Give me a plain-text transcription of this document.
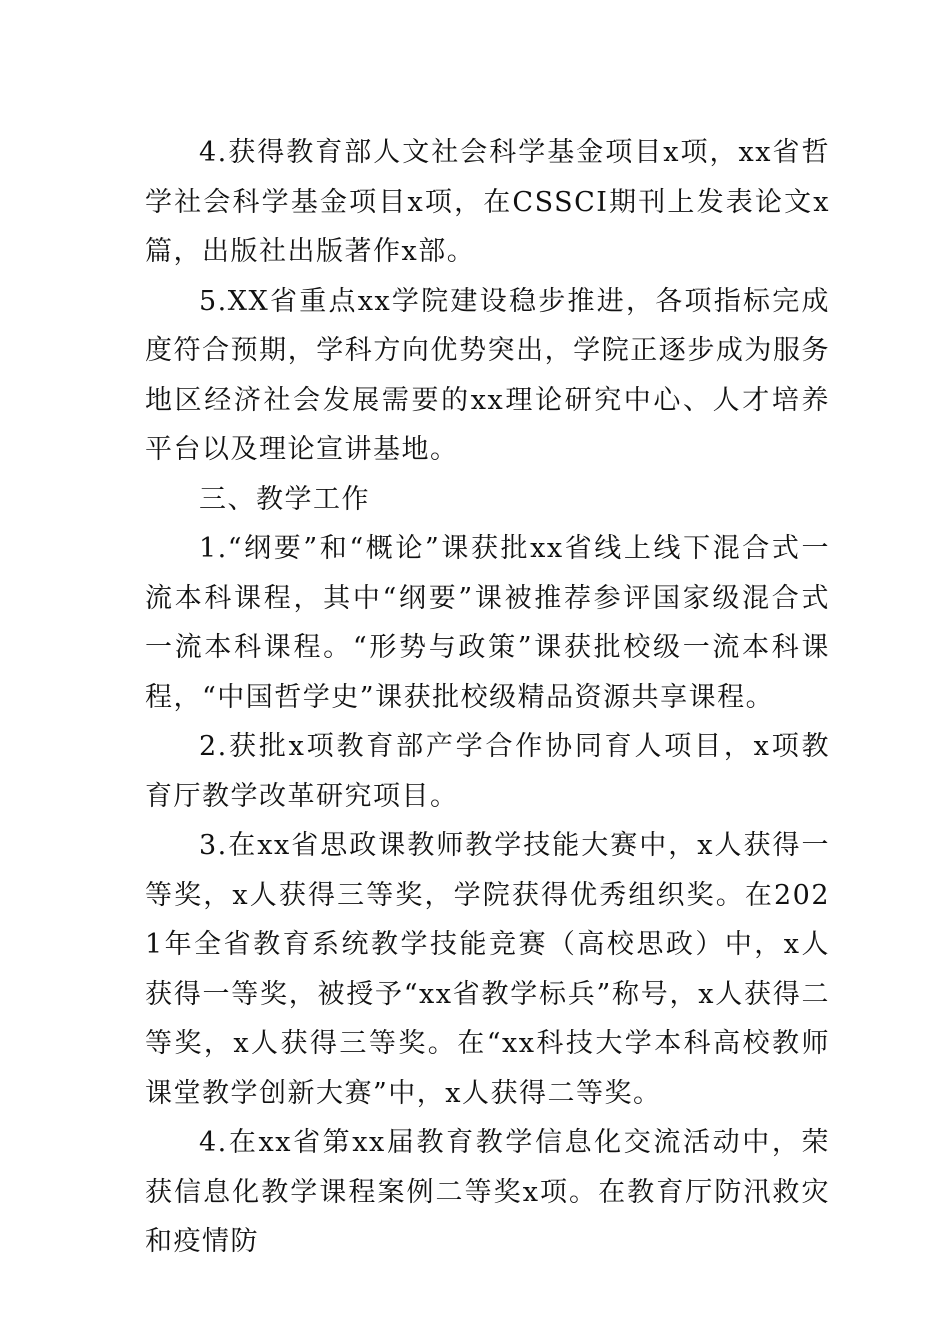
4.获得教育部人文社会科学基金项目x项，xx省哲学社会科学基金项目x项，在CSSCI期刊上发表论文x篇，出版社出版著作x部。

5.XX省重点xx学院建设稳步推进，各项指标完成度符合预期，学科方向优势突出，学院正逐步成为服务地区经济社会发展需要的xx理论研究中心、人才培养平台以及理论宣讲基地。

三、教学工作

1.“纲要”和“概论”课获批xx省线上线下混合式一流本科课程，其中“纲要”课被推荐参评国家级混合式一流本科课程。“形势与政策”课获批校级一流本科课程，“中国哲学史”课获批校级精品资源共享课程。

2.获批x项教育部产学合作协同育人项目，x项教育厅教学改革研究项目。

3.在xx省思政课教师教学技能大赛中，x人获得一等奖，x人获得三等奖，学院获得优秀组织奖。在2021年全省教育系统教学技能竞赛（高校思政）中，x人获得一等奖，被授予“xx省教学标兵”称号，x人获得二等奖，x人获得三等奖。在“xx科技大学本科高校教师课堂教学创新大赛”中，x人获得二等奖。

4.在xx省第xx届教育教学信息化交流活动中，荣获信息化教学课程案例二等奖x项。在教育厅防汛救灾和疫情防
